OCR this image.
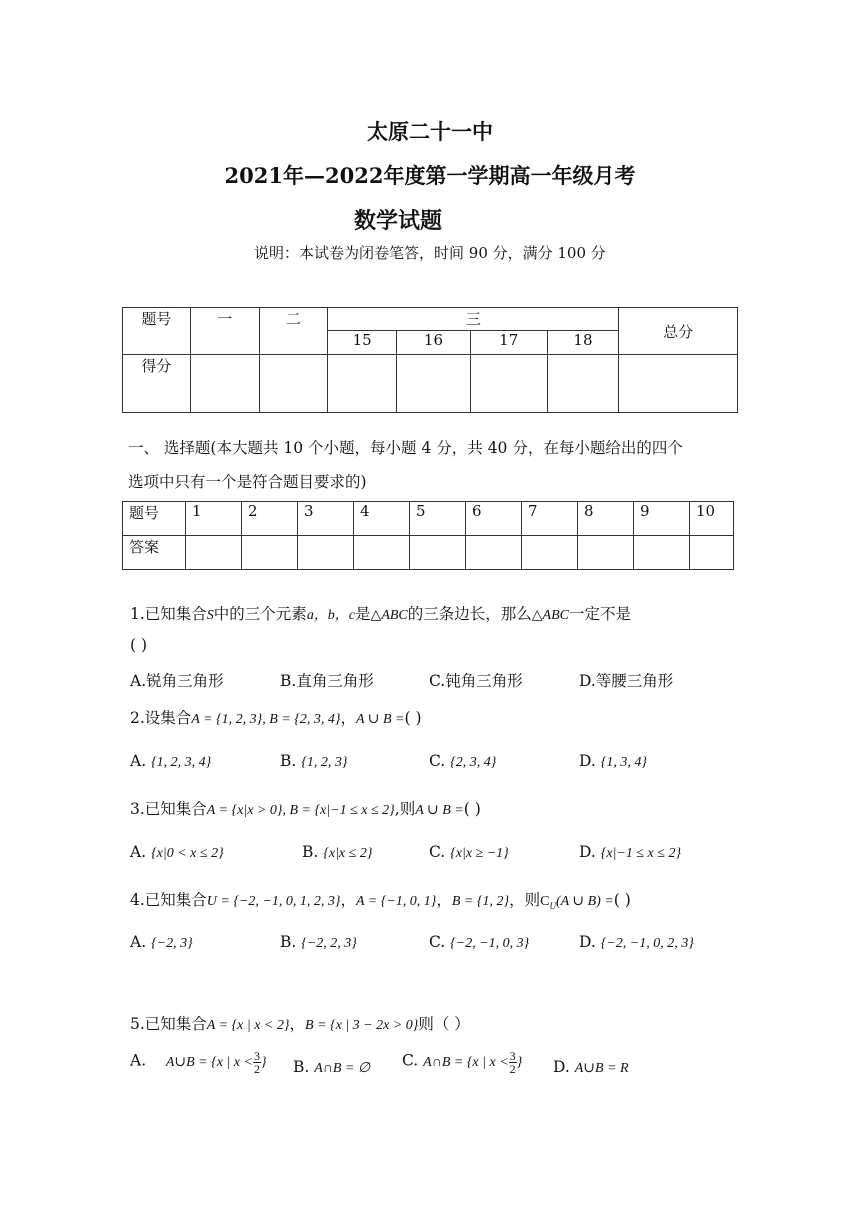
太原二十一中
2021年—2022年度第一学期高一年级月考
数学试题
说明：本试卷为闭卷笔答，时间 90 分，满分 100 分
题号	一	二	三				总分
			15	16	17	18	
得分							
一、 选择题(本大题共 10 个小题，每小题 4 分，共 40 分，在每小题给出的四个
选项中只有一个是符合题目要求的)
题号	1	2	3	4	5	6	7	8	9	10
答案										
1.已知集合S中的三个元素a，b，c是△ABC的三条边长，那么△ABC一定不是
( )
A.锐角三角形	B.直角三角形	C.钝角三角形	D.等腰三角形
2.设集合A = {1, 2, 3}, B = {2, 3, 4}，A ∪ B =( )
A. {1, 2, 3, 4}	B. {1, 2, 3}	C. {2, 3, 4}	D. {1, 3, 4}
3.已知集合A = {x|x > 0}, B = {x|−1 ≤ x ≤ 2},则A ∪ B =( )
A. {x|0 < x ≤ 2}	B. {x|x ≤ 2}	C. {x|x ≥ −1}	D. {x|−1 ≤ x ≤ 2}
4.已知集合U = {−2, −1, 0, 1, 2, 3}，A = {−1, 0, 1}，B = {1, 2}，则$C_U(A$ ∪ B) =( )
A. {−2, 3}	B. {−2, 2, 3}	C. {−2, −1, 0, 3}	D. {−2, −1, 0, 2, 3}
5.已知集合A = {x | x < 2}，B = {x | 3 − 2x > 0}则（ ）
A. A∪B = {x | $x < \frac{3}{2}$ } B. A∩B = ∅ C. A∩B = {x | $x < \frac{3}{2}$ } D. A∪B = R
